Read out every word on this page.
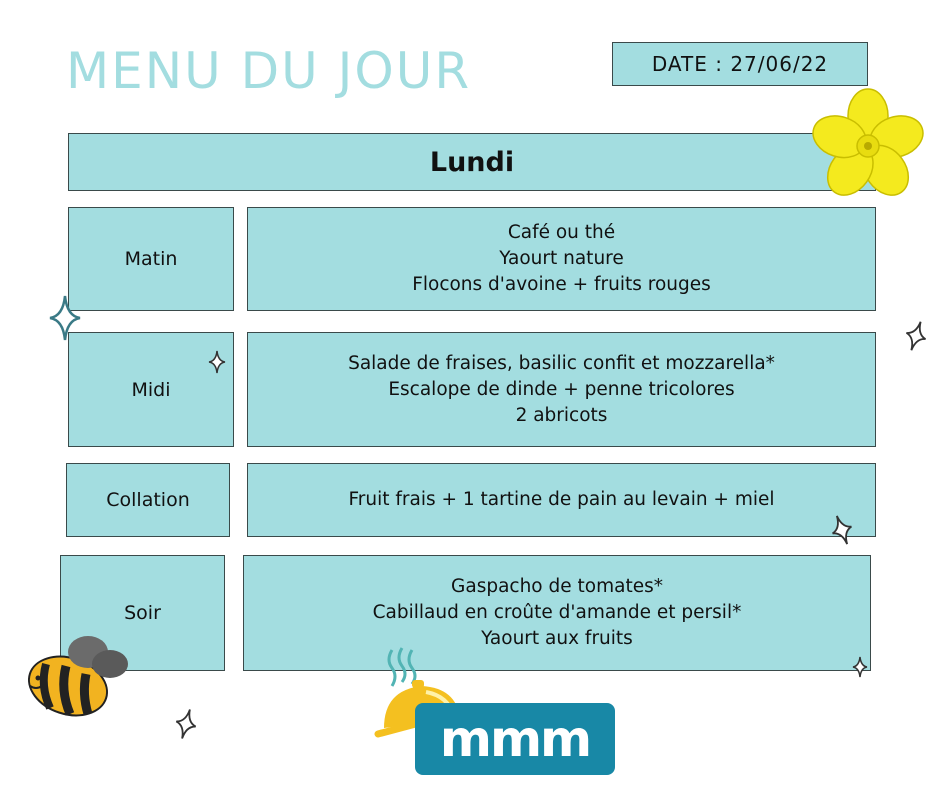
MENU DU JOUR	DATE : 27/06/22
Lundi
Matin
Café ou thé
Yaourt nature
Flocons d'avoine + fruits rouges
Midi
Salade de fraises, basilic confit et mozzarella*
Escalope de dinde + penne tricolores
2 abricots
Collation	Fruit frais + 1 tartine de pain au levain + miel
Soir
Gaspacho de tomates*
Cabillaud en croûte d'amande et persil*
Yaourt aux fruits
mmm
